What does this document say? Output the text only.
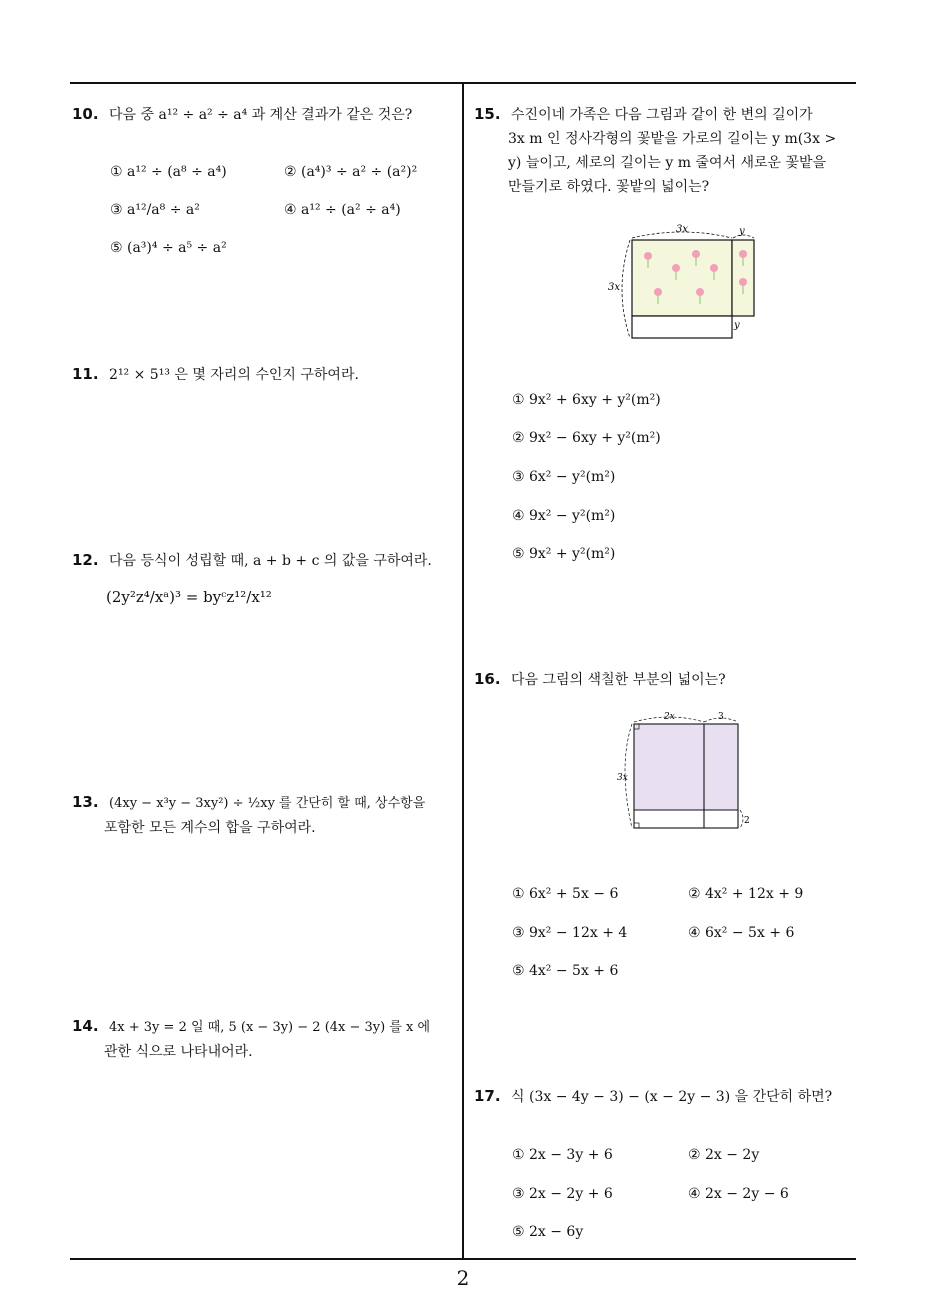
10. 다음 중 a¹² ÷ a² ÷ a⁴ 과 계산 결과가 같은 것은?
① a¹² ÷ (a⁸ ÷ a⁴)	② (a⁴)³ ÷ a² ÷ (a²)²
③ a¹²/a⁸ ÷ a²	④ a¹² ÷ (a² ÷ a⁴)
⑤ (a³)⁴ ÷ a⁵ ÷ a²
11. 2¹² × 5¹³ 은 몇 자리의 수인지 구하여라.
12. 다음 등식이 성립할 때, a + b + c 의 값을 구하여라.
(2y²z⁴/xᵃ)³ = byᶜz¹²/x¹²
13. (4xy − x³y − 3xy²) ÷ ½xy 를 간단히 할 때, 상수항을
포함한 모든 계수의 합을 구하여라.
14. 4x + 3y = 2 일 때, 5 (x − 3y) − 2 (4x − 3y) 를 x 에
관한 식으로 나타내어라.
15. 수진이네 가족은 다음 그림과 같이 한 변의 길이가
3x m 인 정사각형의 꽃밭을 가로의 길이는 y m(3x >
y) 늘이고, 세로의 길이는 y m 줄여서 새로운 꽃밭을
만들기로 하였다. 꽃밭의 넓이는?
3x	y
3x
y
① 9x² + 6xy + y²(m²)
② 9x² − 6xy + y²(m²)
③ 6x² − y²(m²)
④ 9x² − y²(m²)
⑤ 9x² + y²(m²)
16. 다음 그림의 색칠한 부분의 넓이는?
2x	3
3x
2
① 6x² + 5x − 6	② 4x² + 12x + 9
③ 9x² − 12x + 4	④ 6x² − 5x + 6
⑤ 4x² − 5x + 6
17. 식 (3x − 4y − 3) − (x − 2y − 3) 을 간단히 하면?
① 2x − 3y + 6	② 2x − 2y
③ 2x − 2y + 6	④ 2x − 2y − 6
⑤ 2x − 6y
2
